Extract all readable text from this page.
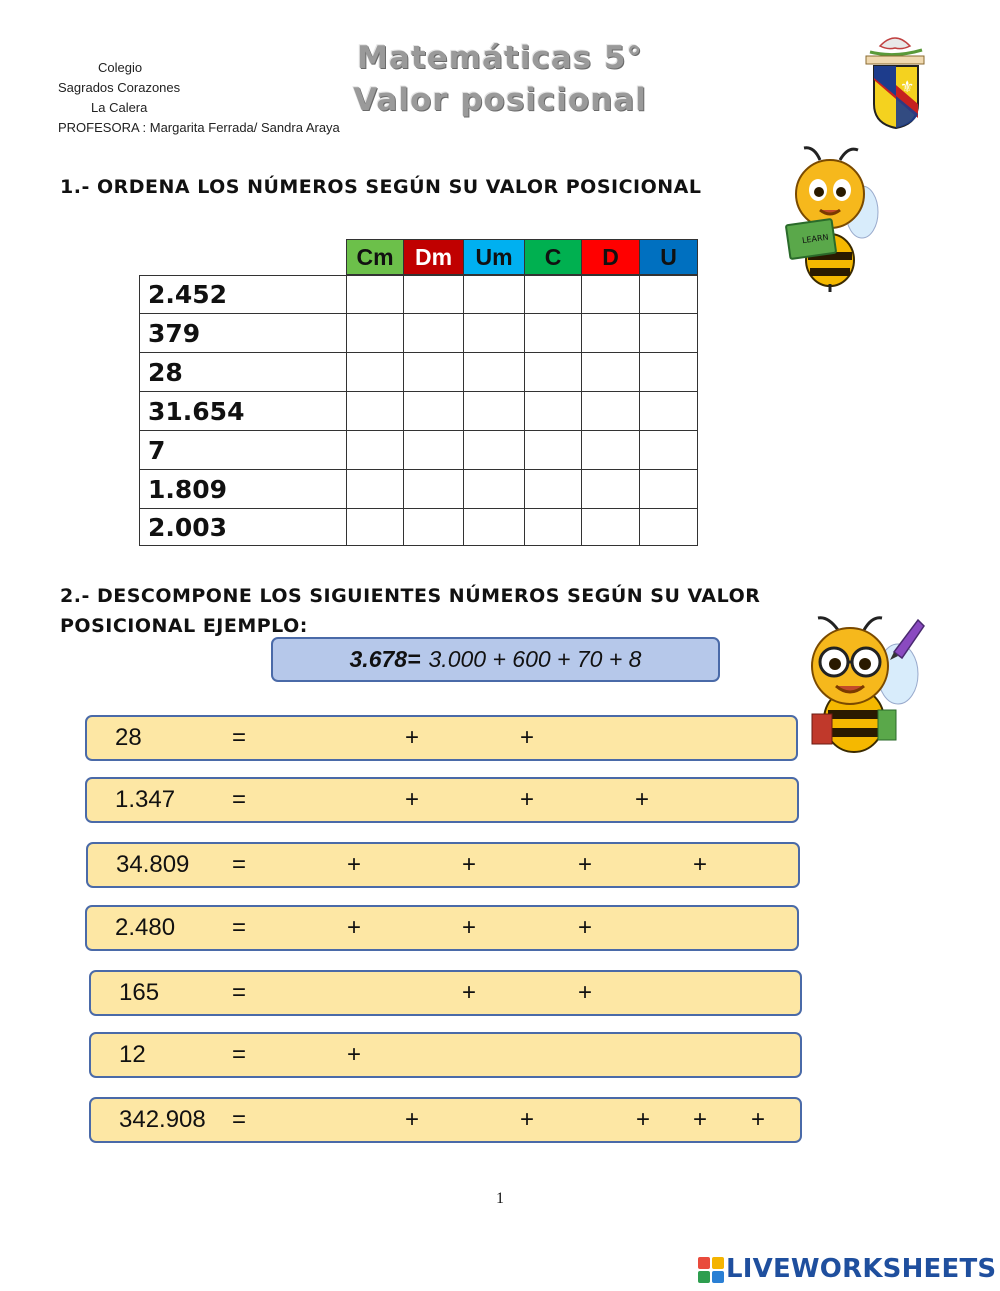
Colegio
Sagrados Corazones
La Calera
PROFESORA : Margarita Ferrada/ Sandra Araya
Matemáticas 5°
Valor posicional	⚜
1.- ORDENA LOS NÚMEROS SEGÚN SU VALOR POSICIONAL
LEARN
Cm Dm	Um	C	D	U
2.452
379
28
31.654
7
1.809
2.003
2.- DESCOMPONE LOS SIGUIENTES NÚMEROS SEGÚN SU VALOR
POSICIONAL EJEMPLO:
3.678= 3.000 + 600 + 70 + 8
28	=	+	+
1.347 =	+	+	+
34.809 =	+	+	+	+
2.480 =	+	+	+
165	=	+	+
12	=	+
342.908 =	+	+	+ + +
1
LIVEWORKSHEETS
